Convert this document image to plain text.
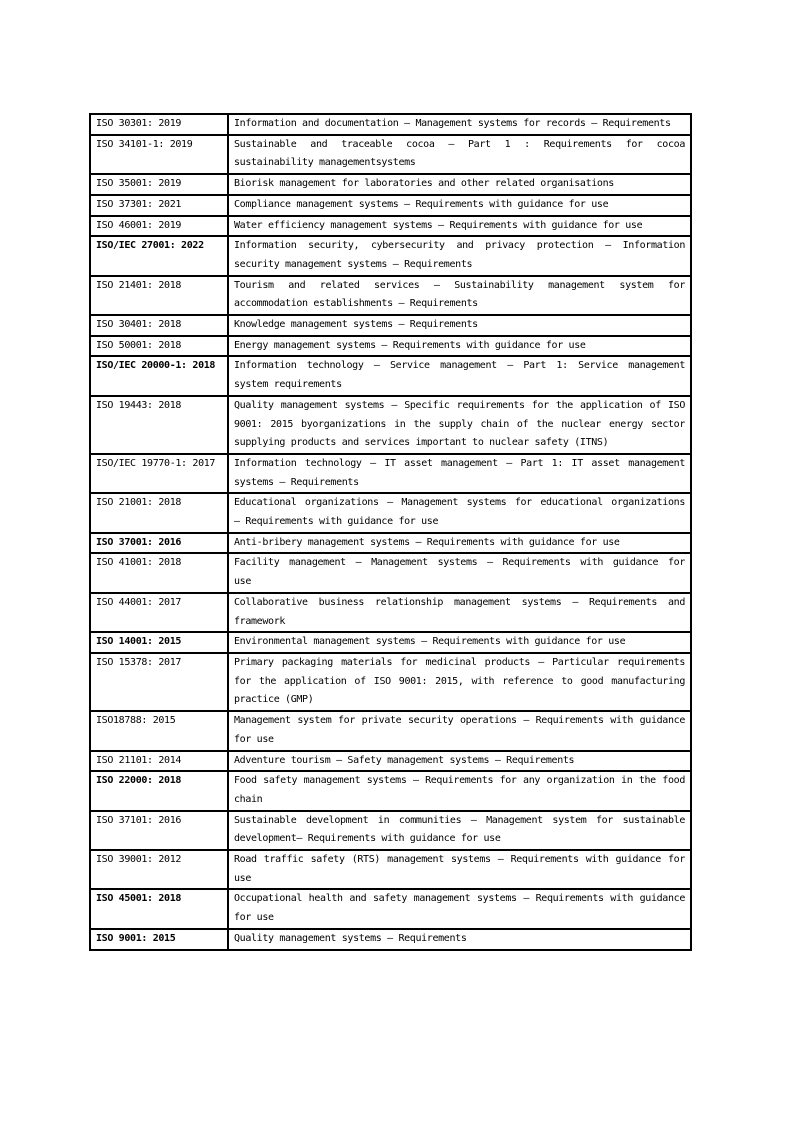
ISO 30301: 2019	Information and documentation — Management systems for records — Requirements

ISO 34101-1: 2019	Sustainable and traceable cocoa — Part 1 : Requirements for cocoa
sustainability managementsystems

ISO 35001: 2019	Biorisk management for laboratories and other related organisations

ISO 37301: 2021	Compliance management systems — Requirements with guidance for use

ISO 46001: 2019	Water efficiency management systems — Requirements with guidance for use

ISO/IEC 27001: 2022	Information security, cybersecurity and privacy protection — Information
security management systems — Requirements

ISO 21401: 2018	Tourism and related services — Sustainability management system for
accommodation establishments — Requirements

ISO 30401: 2018	Knowledge management systems — Requirements

ISO 50001: 2018	Energy management systems — Requirements with guidance for use

ISO/IEC 20000-1: 2018	Information technology — Service management — Part 1: Service management
system requirements

ISO 19443: 2018	Quality management systems — Specific requirements for the application of ISO
9001: 2015 byorganizations in the supply chain of the nuclear energy sector
supplying products and services important to nuclear safety (ITNS)

ISO/IEC 19770-1: 2017	Information technology — IT asset management — Part 1: IT asset management
systems — Requirements

ISO 21001: 2018	Educational organizations — Management systems for educational organizations
— Requirements with guidance for use

ISO 37001: 2016	Anti-bribery management systems — Requirements with guidance for use

ISO 41001: 2018	Facility management — Management systems — Requirements with guidance for
use

ISO 44001: 2017	Collaborative business relationship management systems — Requirements and
framework

ISO 14001: 2015	Environmental management systems — Requirements with guidance for use

ISO 15378: 2017	Primary packaging materials for medicinal products — Particular requirements
for the application of ISO 9001: 2015, with reference to good manufacturing
practice (GMP)

ISO18788: 2015	Management system for private security operations — Requirements with guidance
for use

ISO 21101: 2014	Adventure tourism — Safety management systems — Requirements

ISO 22000: 2018	Food safety management systems — Requirements for any organization in the food
chain

ISO 37101: 2016	Sustainable development in communities — Management system for sustainable
development— Requirements with guidance for use

ISO 39001: 2012	Road traffic safety (RTS) management systems — Requirements with guidance for
use

ISO 45001: 2018	Occupational health and safety management systems — Requirements with guidance
for use

ISO 9001: 2015	Quality management systems — Requirements
